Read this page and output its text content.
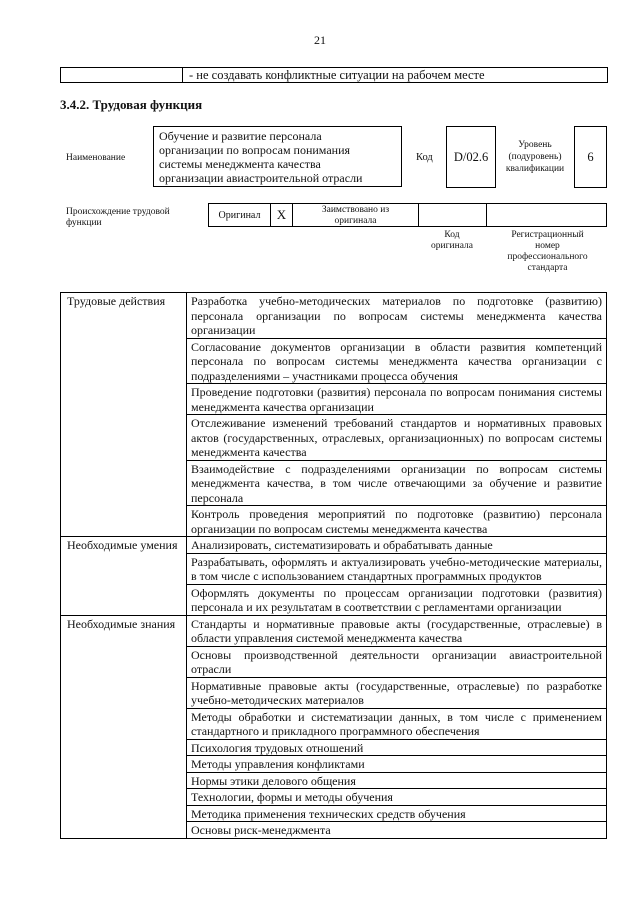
21
- не создавать конфликтные ситуации на рабочем месте
3.4.2. Трудовая функция
Наименование
Обучение и развитие персонала
организации по вопросам понимания
системы менеджмента качества
организации авиастроительной отрасли
Код	D/02.6
Уровень
(подуровень)
квалификации
6
Происхождение трудовой
функции
Оригинал	X	Заимствовано из
оригинала
Код
оригинала
Регистрационный
номер
профессионального
стандарта
Трудовые действия	Разработка учебно-методических материалов по подготовке (развитию) персонала организации по вопросам системы менеджмента качества организации
	Согласование документов организации в области развития компетенций персонала по вопросам системы менеджмента качества организации с подразделениями – участниками процесса обучения
	Проведение подготовки (развития) персонала по вопросам понимания системы менеджмента качества организации
	Отслеживание изменений требований стандартов и нормативных правовых актов (государственных, отраслевых, организационных) по вопросам системы менеджмента качества
	Взаимодействие с подразделениями организации по вопросам системы менеджмента качества, в том числе отвечающими за обучение и развитие персонала
	Контроль проведения мероприятий по подготовке (развитию) персонала организации по вопросам системы менеджмента качества
Необходимые умения	Анализировать, систематизировать и обрабатывать данные
	Разрабатывать, оформлять и актуализировать учебно-методические материалы, в том числе с использованием стандартных программных продуктов
	Оформлять документы по процессам организации подготовки (развития) персонала и их результатам в соответствии с регламентами организации
Необходимые знания	Стандарты и нормативные правовые акты (государственные, отраслевые) в области управления системой менеджмента качества
	Основы производственной деятельности организации авиастроительной отрасли
	Нормативные правовые акты (государственные, отраслевые) по разработке учебно-методических материалов
	Методы обработки и систематизации данных, в том числе с применением стандартного и прикладного программного обеспечения
	Психология трудовых отношений
	Методы управления конфликтами
	Нормы этики делового общения
	Технологии, формы и методы обучения
	Методика применения технических средств обучения
	Основы риск-менеджмента
